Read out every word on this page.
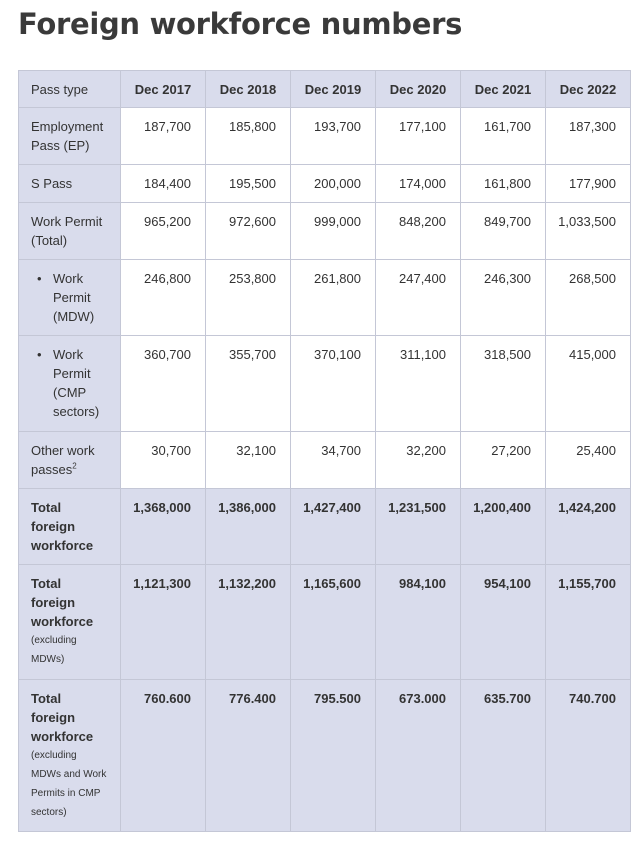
Foreign workforce numbers
Pass type	Dec 2017	Dec 2018	Dec 2019	Dec 2020	Dec 2021	Dec 2022
Employment Pass (EP)	187,700	185,800	193,700	177,100	161,700	187,300
S Pass	184,400	195,500	200,000	174,000	161,800	177,900
Work Permit (Total)	965,200	972,600	999,000	848,200	849,700	1,033,500

• Work Permit (MDW)	246,800	253,800	261,800	247,400	246,300	268,500

• Work Permit (CMP sectors)	360,700	355,700	370,100	311,100	318,500	415,000
Other work passes$^2$	30,700	32,100	34,700	32,200	27,200	25,400
Total foreign workforce	1,368,000	1,386,000	1,427,400	1,231,500	1,200,400	1,424,200
Total foreign workforce
(excluding MDWs)	1,121,300	1,132,200	1,165,600	984,100	954,100	1,155,700
Total foreign workforce
(excluding MDWs and Work Permits in CMP sectors)	760.600	776.400	795.500	673.000	635.700	740.700
